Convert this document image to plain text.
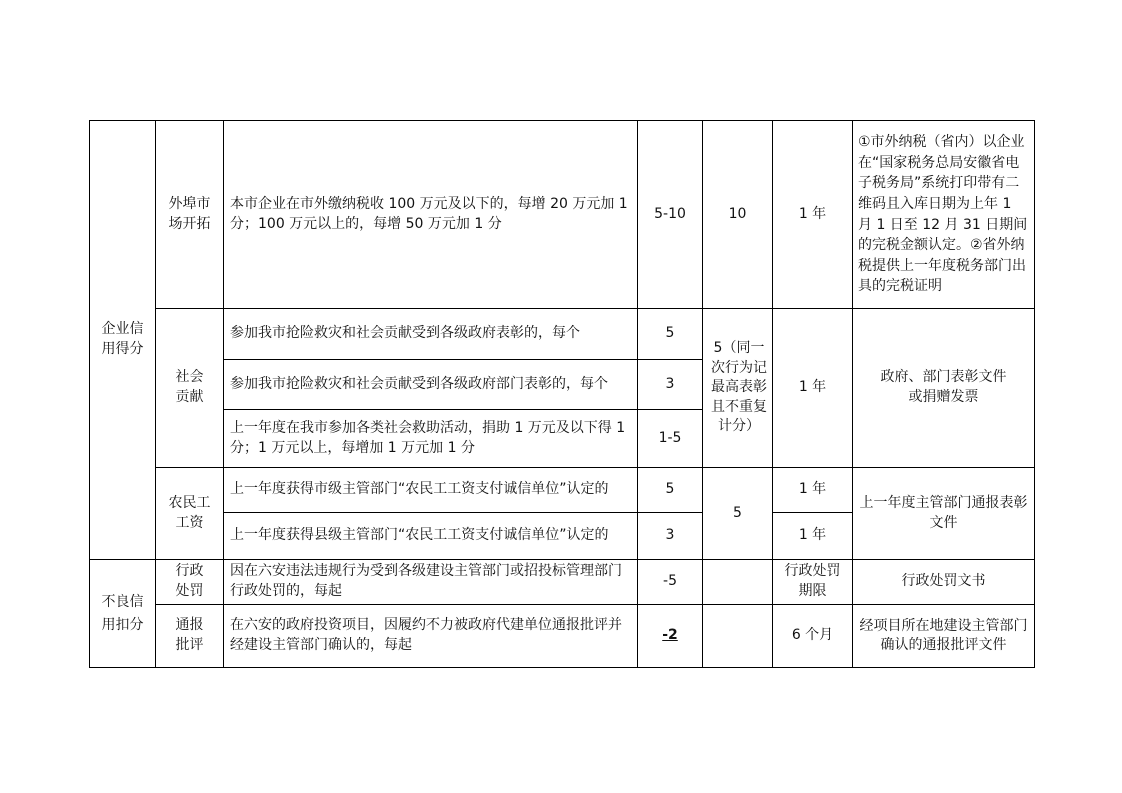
企业信用得分	外埠市场开拓	本市企业在市外缴纳税收 100 万元及以下的，每增 20 万元加 1 分；100 万元以上的，每增 50 万元加 1 分	5-10	10	1 年	①市外纳税（省内）以企业在“国家税务总局安徽省电子税务局”系统打印带有二维码且入库日期为上年 1 月 1 日至 12 月 31 日期间的完税金额认定。②省外纳税提供上一年度税务部门出具的完税证明
	社会贡献	参加我市抢险救灾和社会贡献受到各级政府表彰的，每个	5	5（同一次行为记最高表彰且不重复计分）	1 年	政府、部门表彰文件或捐赠发票
		参加我市抢险救灾和社会贡献受到各级政府部门表彰的，每个	3			
		上一年度在我市参加各类社会救助活动，捐助 1 万元及以下得 1 分；1 万元以上，每增加 1 万元加 1 分	1-5			
	农民工工资	上一年度获得市级主管部门“农民工工资支付诚信单位”认定的	5	5	1 年	上一年度主管部门通报表彰文件
		上一年度获得县级主管部门“农民工工资支付诚信单位”认定的	3		1 年	
不良信用扣分	行政处罚	因在六安违法违规行为受到各级建设主管部门或招投标管理部门行政处罚的，每起	-5		行政处罚期限	行政处罚文书
	通报批评	在六安的政府投资项目，因履约不力被政府代建单位通报批评并经建设主管部门确认的，每起	-2		6 个月	经项目所在地建设主管部门确认的通报批评文件
